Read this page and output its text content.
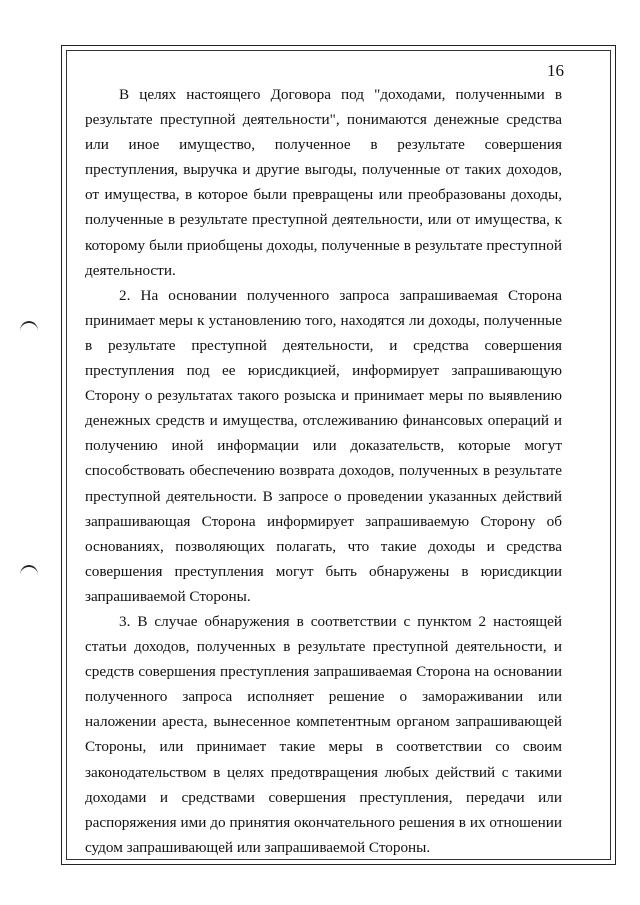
16

В целях настоящего Договора под "доходами, полученными в результате преступной деятельности", понимаются денежные средства или иное имущество, полученное в результате совершения преступления, выручка и другие выгоды, полученные от таких доходов, от имущества, в которое были превращены или преобразованы доходы, полученные в результате преступной деятельности, или от имущества, к которому были приобщены доходы, полученные в результате преступной деятельности.

2. На основании полученного запроса запрашиваемая Сторона принимает меры к установлению того, находятся ли доходы, полученные в результате преступной деятельности, и средства совершения преступления под ее юрисдикцией, информирует запрашивающую Сторону о результатах такого розыска и принимает меры по выявлению денежных средств и имущества, отслеживанию финансовых операций и получению иной информации или доказательств, которые могут способствовать обеспечению возврата доходов, полученных в результате преступной деятельности. В запросе о проведении указанных действий запрашивающая Сторона информирует запрашиваемую Сторону об основаниях, позволяющих полагать, что такие доходы и средства совершения преступления могут быть обнаружены в юрисдикции запрашиваемой Стороны.

3. В случае обнаружения в соответствии с пунктом 2 настоящей статьи доходов, полученных в результате преступной деятельности, и средств совершения преступления запрашиваемая Сторона на основании полученного запроса исполняет решение о замораживании или наложении ареста, вынесенное компетентным органом запрашивающей Стороны, или принимает такие меры в соответствии со своим законодательством в целях предотвращения любых действий с такими доходами и средствами совершения преступления, передачи или распоряжения ими до принятия окончательного решения в их отношении судом запрашивающей или запрашиваемой Стороны.
